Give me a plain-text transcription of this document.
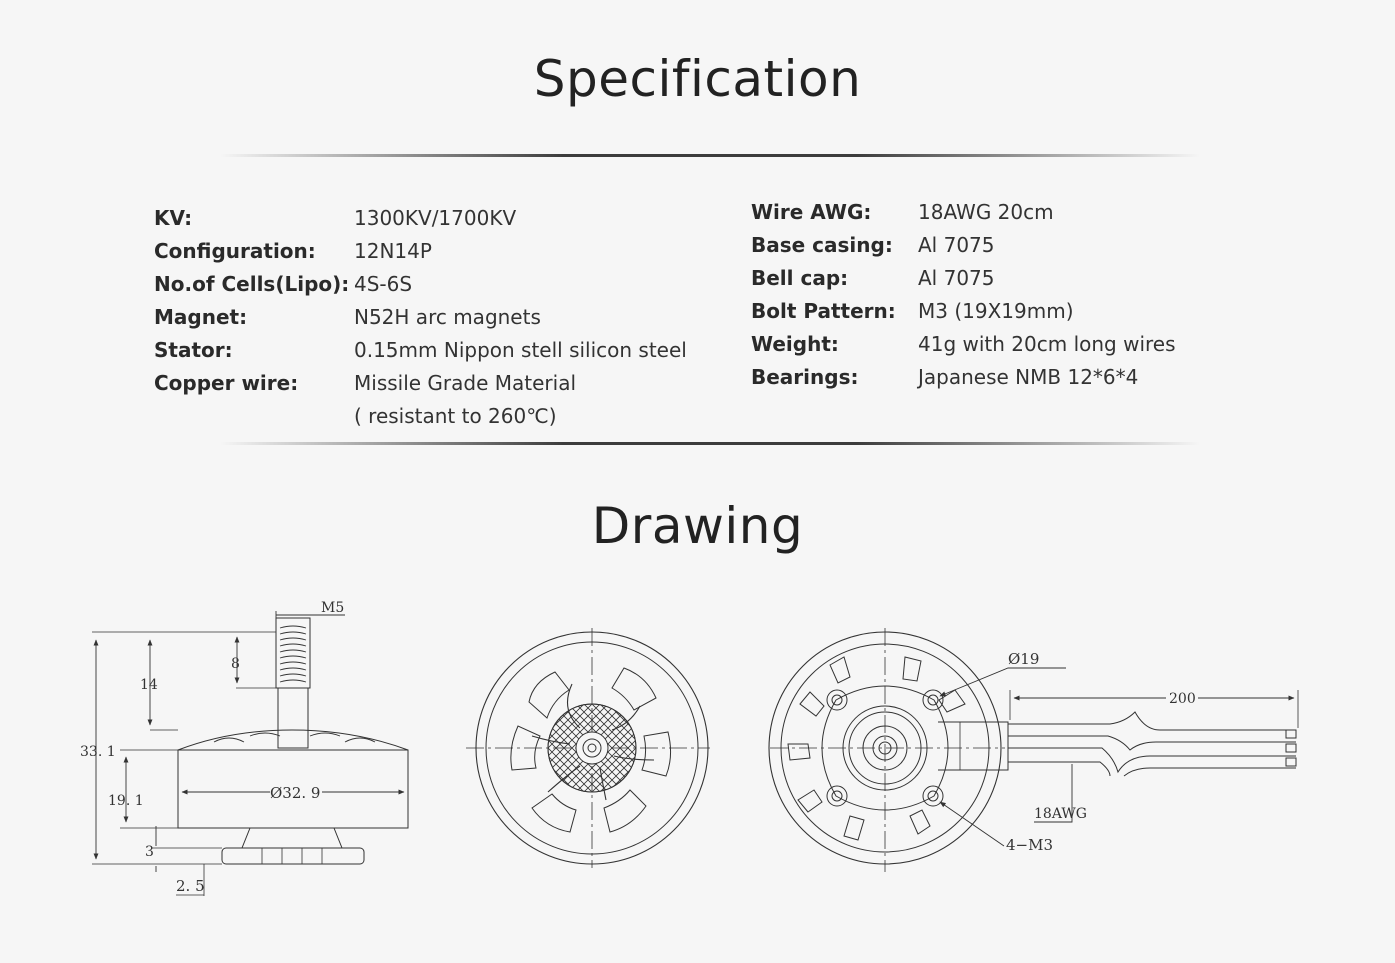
Specification
KV:	1300KV/1700KV
Configuration:	12N14P
No.of Cells(Lipo): 4S-6S
Magnet:	N52H arc magnets
Stator:	0.15mm Nippon stell silicon steel
Copper wire:	Missile Grade Material
( resistant to 260℃)
Wire AWG:	18AWG 20cm
Base casing:	Al 7075
Bell cap:	Al 7075
Bolt Pattern:	M3 (19X19mm)
Weight:	41g with 20cm long wires
Bearings:	Japanese NMB 12*6*4
Drawing
M5
14
8
33. 1
19. 1	Ø32. 9
3
2. 5
200
Ø19
18AWG
4−M3
